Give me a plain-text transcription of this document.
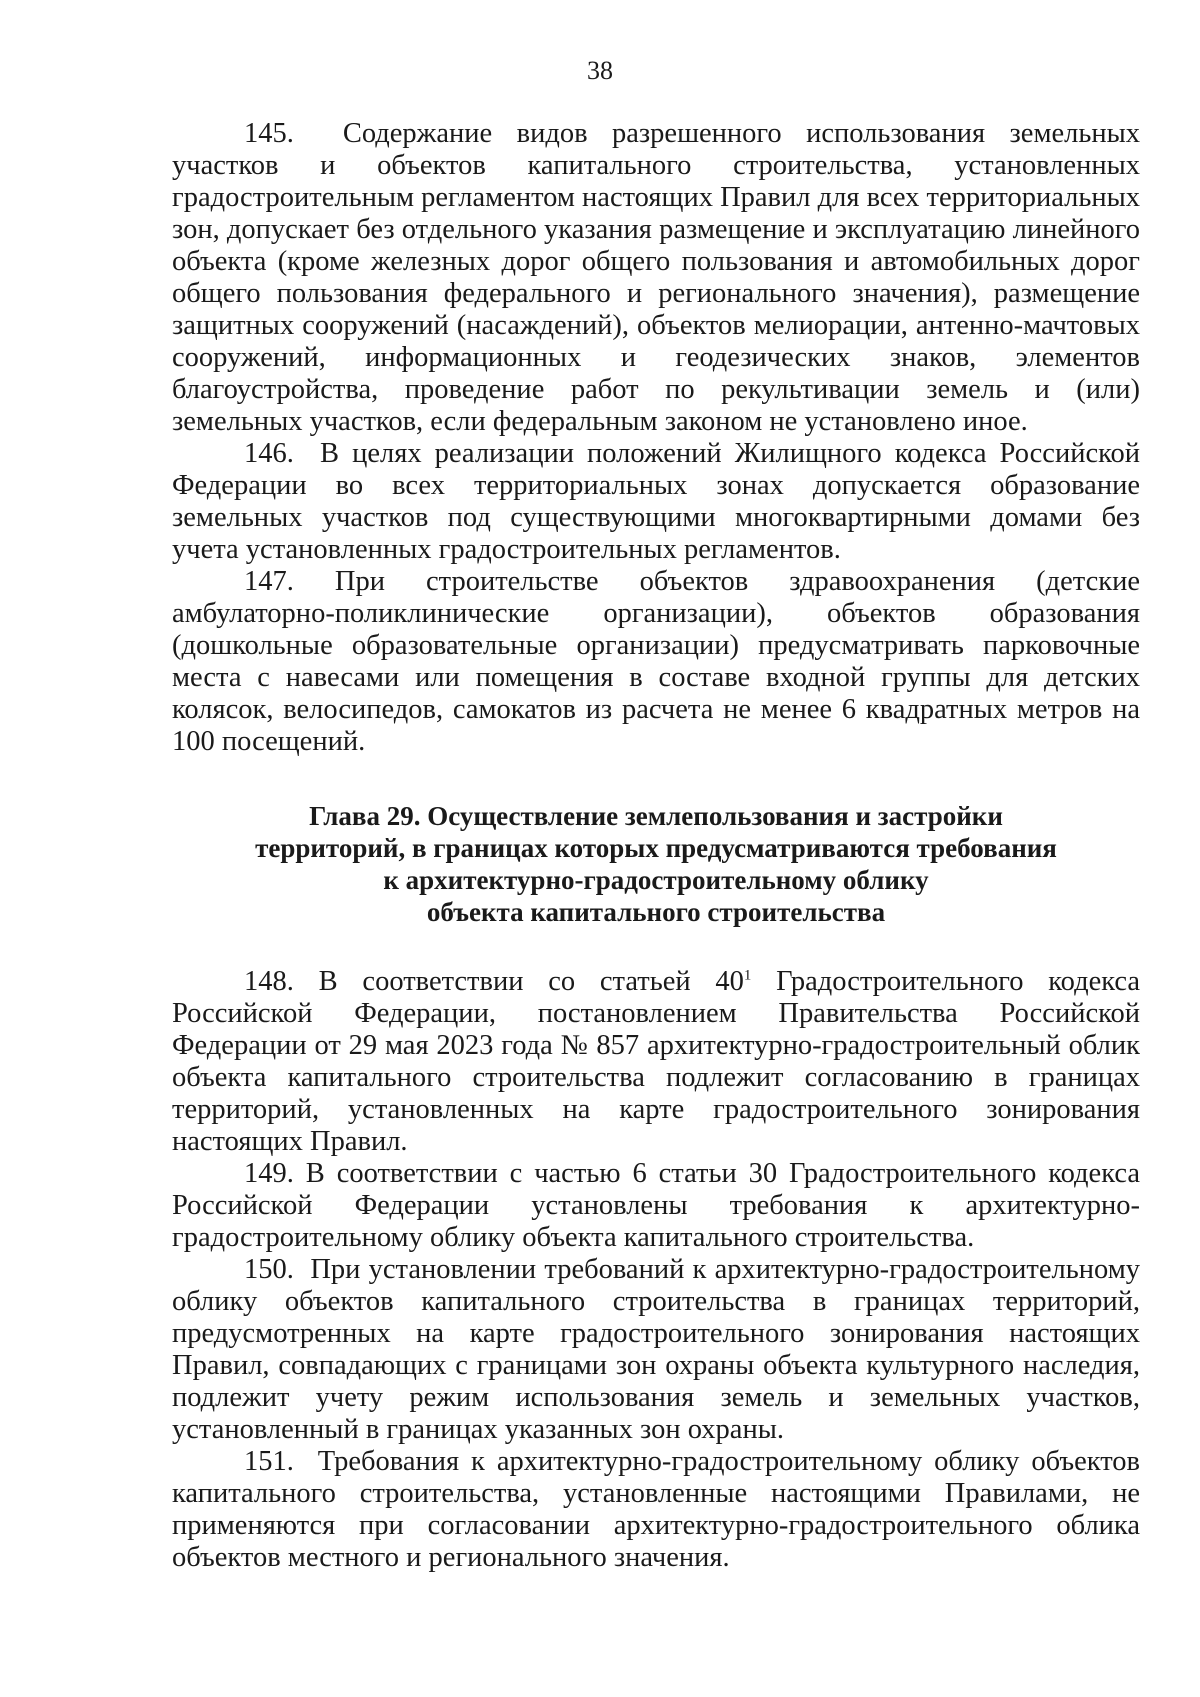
38

145. Содержание видов разрешенного использования земельных участков и объектов капитального строительства, установленных градостроительным регламентом настоящих Правил для всех территориальных зон, допускает без отдельного указания размещение и эксплуатацию линейного объекта (кроме железных дорог общего пользования и автомобильных дорог общего пользования федерального и регионального значения), размещение защитных сооружений (насаждений), объектов мелиорации, антенно-мачтовых сооружений, информационных и геодезических знаков, элементов благоустройства, проведение работ по рекультивации земель и (или) земельных участков, если федеральным законом не установлено иное.

146. В целях реализации положений Жилищного кодекса Российской Федерации во всех территориальных зонах допускается образование земельных участков под существующими многоквартирными домами без учета установленных градостроительных регламентов.

147. При строительстве объектов здравоохранения (детские амбулаторно-поликлинические организации), объектов образования (дошкольные образовательные организации) предусматривать парковочные места с навесами или помещения в составе входной группы для детских колясок, велосипедов, самокатов из расчета не менее 6 квадратных метров на 100 посещений.

Глава 29. Осуществление землепользования и застройки
территорий, в границах которых предусматриваются требования
к архитектурно-градостроительному облику
объекта капитального строительства

148. В соответствии со статьей $40^1$ Градостроительного кодекса Российской Федерации, постановлением Правительства Российской Федерации от 29 мая 2023 года № 857 архитектурно-градостроительный облик объекта капитального строительства подлежит согласованию в границах территорий, установленных на карте градостроительного зонирования настоящих Правил.

149. В соответствии с частью 6 статьи 30 Градостроительного кодекса Российской Федерации установлены требования к архитектурно-градостроительному облику объекта капитального строительства.

150. При установлении требований к архитектурно-градостроительному облику объектов капитального строительства в границах территорий, предусмотренных на карте градостроительного зонирования настоящих Правил, совпадающих с границами зон охраны объекта культурного наследия, подлежит учету режим использования земель и земельных участков, установленный в границах указанных зон охраны.

151. Требования к архитектурно-градостроительному облику объектов капитального строительства, установленные настоящими Правилами, не применяются при согласовании архитектурно-градостроительного облика объектов местного и регионального значения.
